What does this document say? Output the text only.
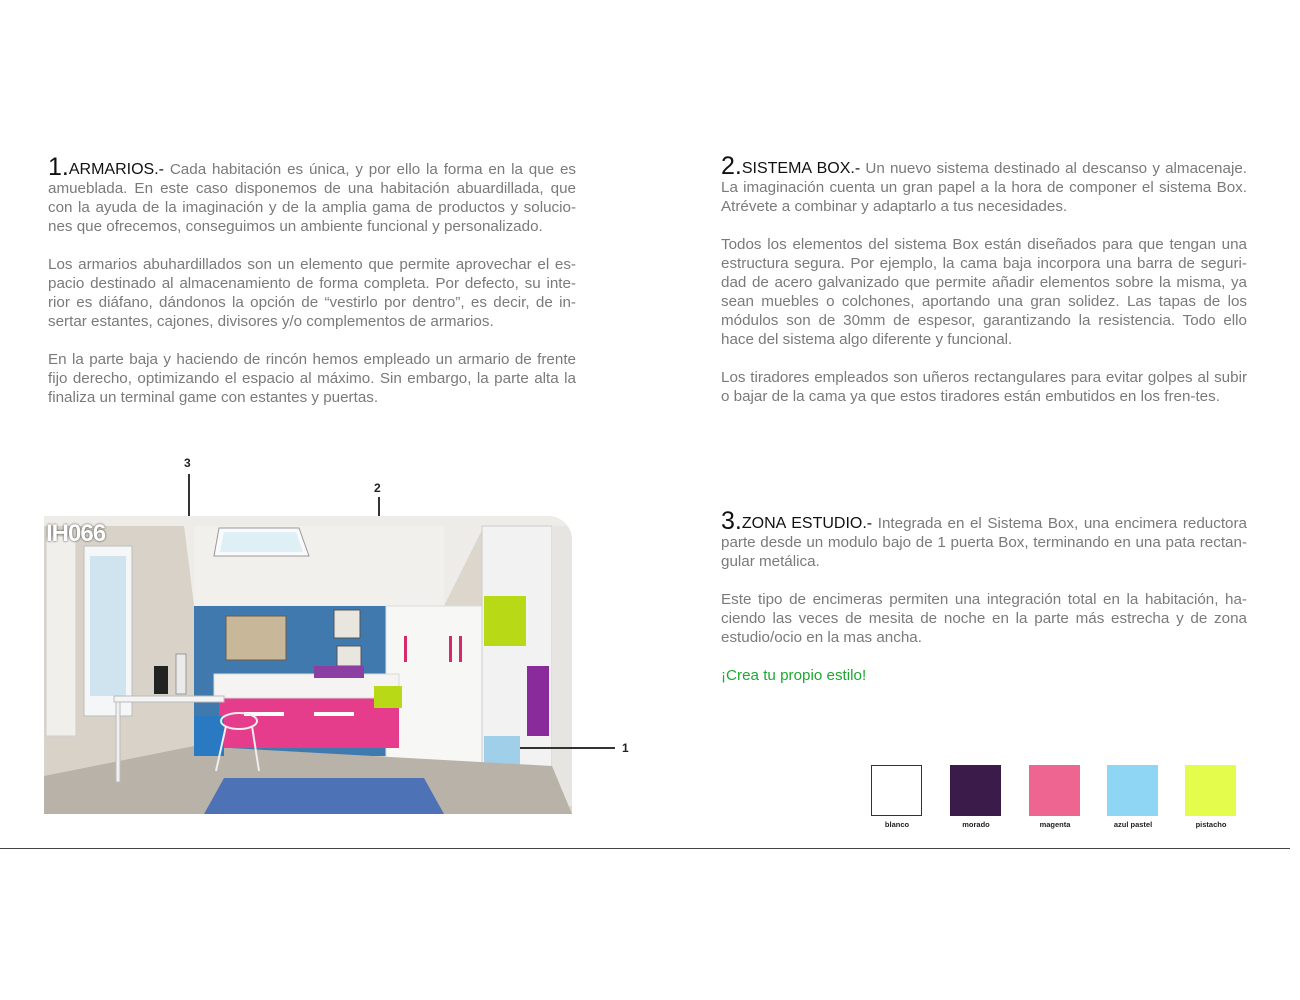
1.ARMARIOS.- Cada habitación es única, y por ello la forma en la que es amueblada. En este caso disponemos de una habitación abuardillada, que con la ayuda de la imaginación y de la amplia gama de productos y solucio-nes que ofrecemos, conseguimos un ambiente funcional y personalizado.

Los armarios abuhardillados son un elemento que permite aprovechar el es-pacio destinado al almacenamiento de forma completa. Por defecto, su inte-rior es diáfano, dándonos la opción de “vestirlo por dentro”, es decir, de in-sertar estantes, cajones, divisores y/o complementos de armarios.

En la parte baja y haciendo de rincón hemos empleado un armario de frente fijo derecho, optimizando el espacio al máximo. Sin embargo, la parte alta la finaliza un terminal game con estantes y puertas.

2.SISTEMA BOX.- Un nuevo sistema destinado al descanso y almacenaje. La imaginación cuenta un gran papel a la hora de componer el sistema Box. Atrévete a combinar y adaptarlo a tus necesidades.

Todos los elementos del sistema Box están diseñados para que tengan una estructura segura. Por ejemplo, la cama baja incorpora una barra de seguri-dad de acero galvanizado que permite añadir elementos sobre la misma, ya sean muebles o colchones, aportando una gran solidez. Las tapas de los módulos son de 30mm de espesor, garantizando la resistencia. Todo ello hace del sistema algo diferente y funcional.

Los tiradores empleados son uñeros rectangulares para evitar golpes al subir o bajar de la cama ya que estos tiradores están embutidos en los fren-tes.

3.ZONA ESTUDIO.- Integrada en el Sistema Box, una encimera reductora parte desde un modulo bajo de 1 puerta Box, terminando en una pata rectan-gular metálica.

Este tipo de encimeras permiten una integración total en la habitación, ha-ciendo las veces de mesita de noche en la parte más estrecha y de zona estudio/ocio en la mas ancha.

¡Crea tu propio estilo!

3
2
IH066
1
blanco	morado	magenta	azul pastel	pistacho
